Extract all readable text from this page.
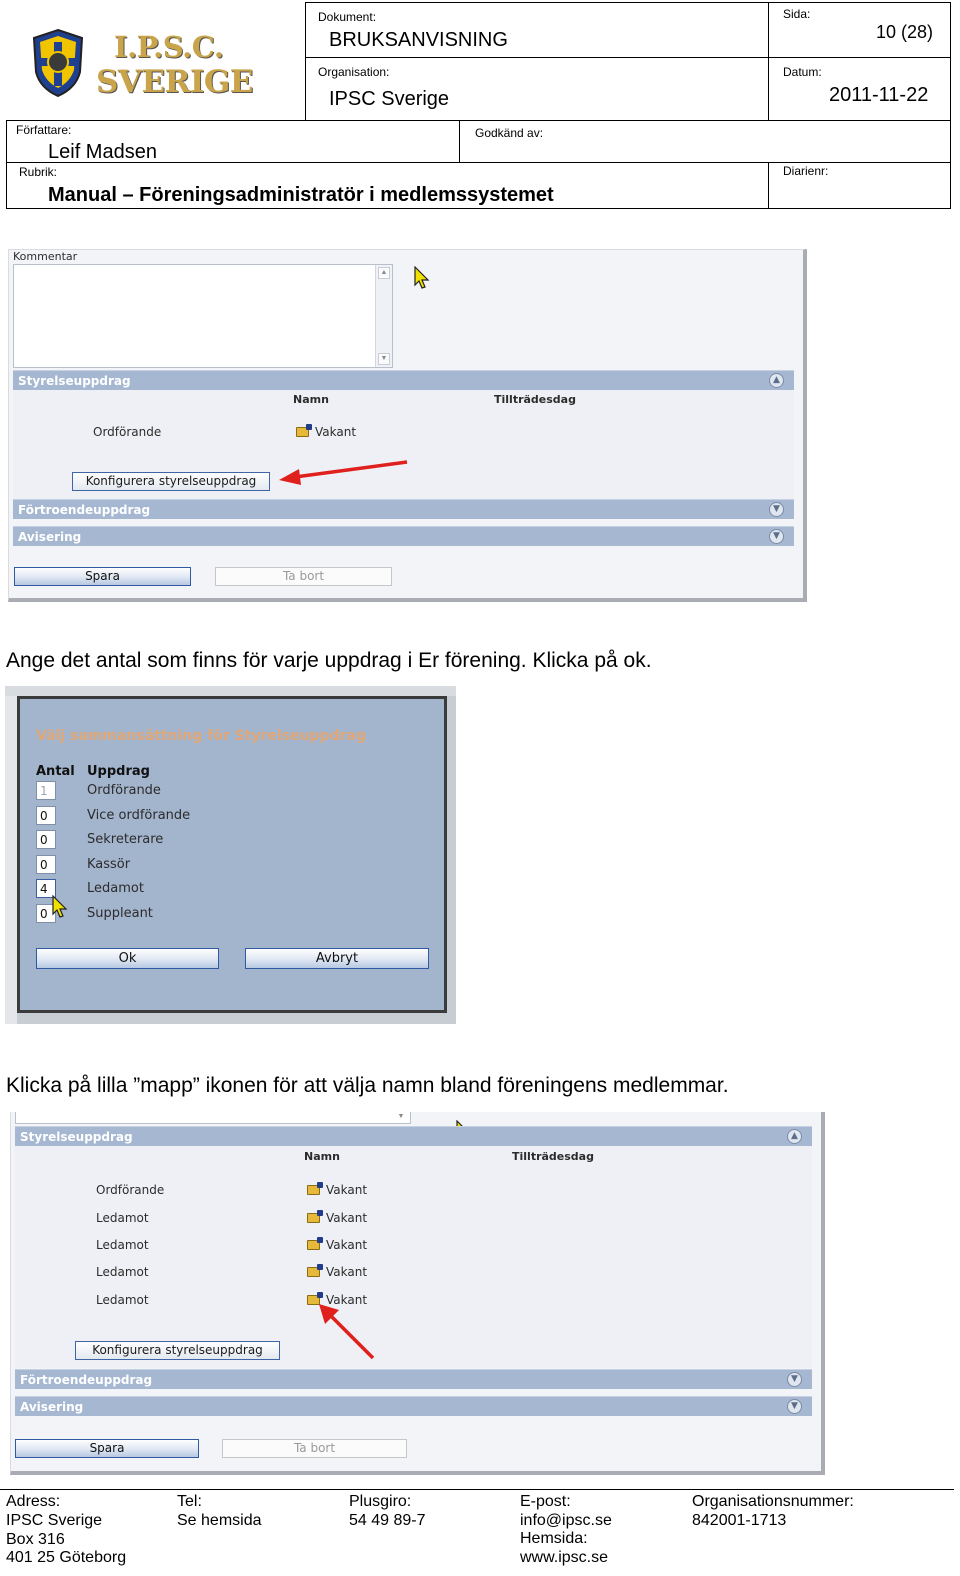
I.P.S.C.
SVERIGE
Dokument:
BRUKSANVISNING
Sida:
10 (28)
Organisation:
IPSC Sverige
Datum:
2011-11-22
Författare:
Leif Madsen
Godkänd av:
Rubrik:
Manual – Föreningsadministratör i medlemssystemet
Diarienr:
Kommentar
▲
▼
Styrelseuppdrag	▲
Namn	Tillträdesdag
Ordförande	Vakant
Konfigurera styrelseuppdrag
Förtroendeuppdrag	▼
Avisering	▼
Spara	Ta bort
Ange det antal som finns för varje uppdrag i Er förening. Klicka på ok.
Välj sammansättning för Styrelseuppdrag
Antal Uppdrag
1	Ordförande
0	Vice ordförande
0	Sekreterare
0	Kassör
4	Ledamot
0	Suppleant
Ok	Avbryt
Klicka på lilla ”mapp” ikonen för att välja namn bland föreningens medlemmar.
▼
Styrelseuppdrag	▲
Namn	Tillträdesdag
Ordförande	Vakant
Ledamot	Vakant
Ledamot	Vakant
Ledamot	Vakant
Ledamot	Vakant
Konfigurera styrelseuppdrag
Förtroendeuppdrag	▼
Avisering	▼
Spara	Ta bort
Adress:
IPSC Sverige
Box 316
401 25 Göteborg
Tel:
Se hemsida
Plusgiro:
54 49 89-7
E-post:
info@ipsc.se
Hemsida:
www.ipsc.se
Organisationsnummer:
842001-1713
